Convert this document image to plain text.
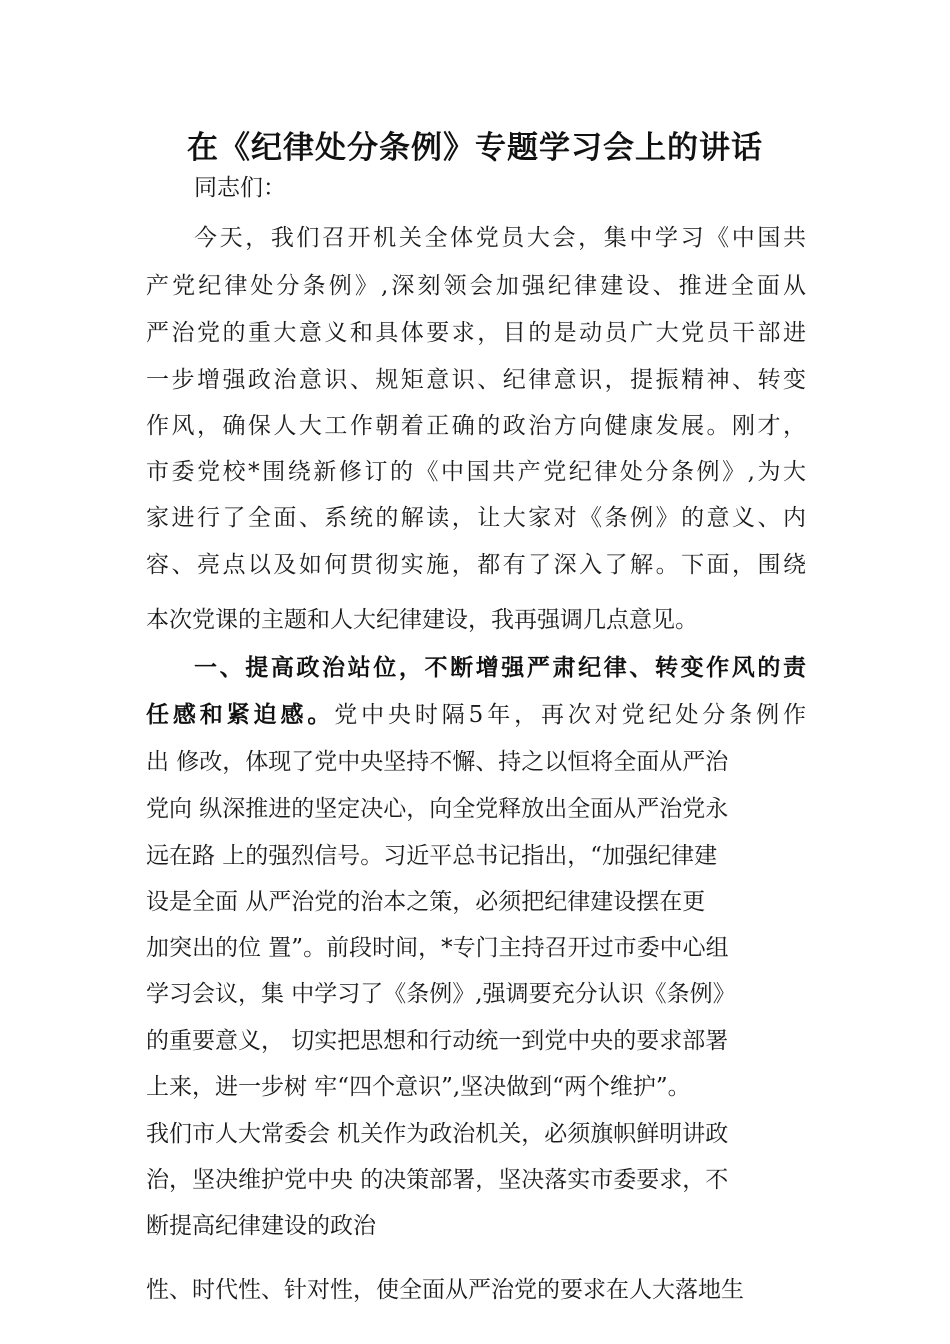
在《纪律处分条例》专题学习会上的讲话
同志们：
今天，我们召开机关全体党员大会，集中学习《中国共
产党纪律处分条例》,深刻领会加强纪律建设、推进全面从
严治党的重大意义和具体要求，目的是动员广大党员干部进
一步增强政治意识、规矩意识、纪律意识，提振精神、转变
作风，确保人大工作朝着正确的政治方向健康发展。刚才，
市委党校*围绕新修订的《中国共产党纪律处分条例》,为大
家进行了全面、系统的解读，让大家对《条例》的意义、内
容、亮点以及如何贯彻实施，都有了深入了解。下面，围绕
本次党课的主题和人大纪律建设，我再强调几点意见。
一、提高政治站位，不断增强严肃纪律、转变作风的责
任感和紧迫感。党中央时隔5年，再次对党纪处分条例作
出 修改，体现了党中央坚持不懈、持之以恒将全面从严治
党向 纵深推进的坚定决心，向全党释放出全面从严治党永
远在路 上的强烈信号。习近平总书记指出，“加强纪律建
设是全面 从严治党的治本之策，必须把纪律建设摆在更
加突出的位 置”。前段时间，*专门主持召开过市委中心组
学习会议，集 中学习了《条例》,强调要充分认识《条例》
的重要意义， 切实把思想和行动统一到党中央的要求部署
上来，进一步树 牢“四个意识”,坚决做到“两个维护”。
我们市人大常委会 机关作为政治机关，必须旗帜鲜明讲政
治，坚决维护党中央 的决策部署，坚决落实市委要求，不
断提高纪律建设的政治
性、时代性、针对性，使全面从严治党的要求在人大落地生
